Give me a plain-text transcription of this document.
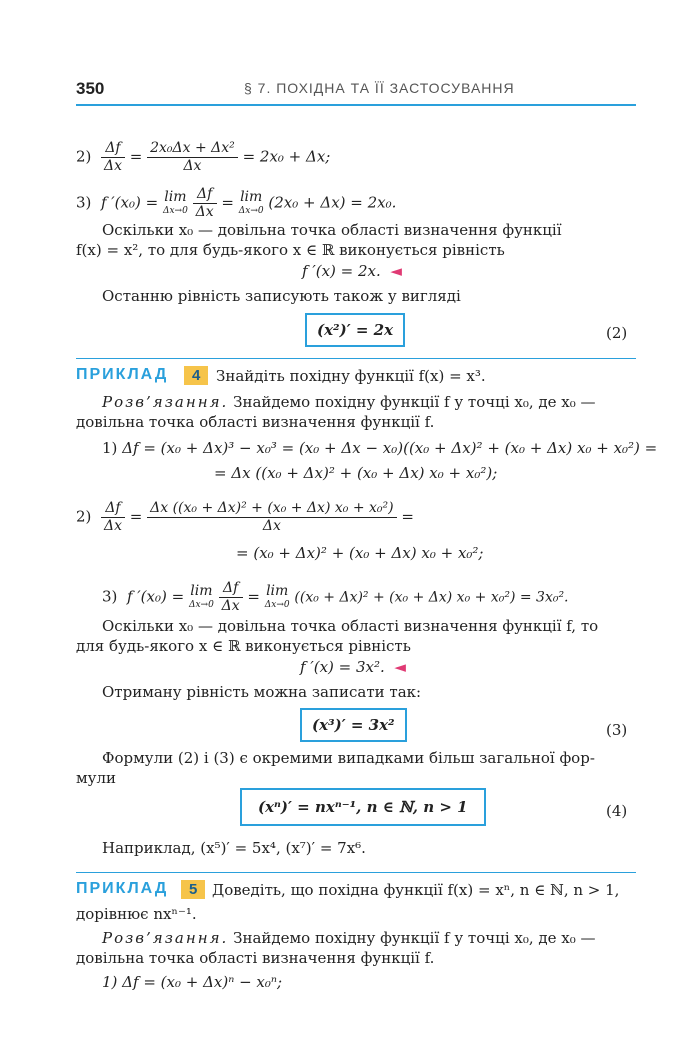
350	§ 7. ПОХІДНА ТА ЇЇ ЗАСТОСУВАННЯ
$2) \frac{\Delta f}{\Delta x} = \frac{\text{2x₀Δx + Δx²}}{\Delta x} = 2x_0 + \Delta x$;
3) f ′(x₀) = lim
Δx→0
$\frac{\Delta f}{\Delta x} = \lim$
Δx→0 (2x₀ + Δx) = 2x₀.
Оскільки x₀ — довільна точка області визначення функції
f(x) = x², то для будь-якого x ∈ ℝ виконується рівність
f ′(x) = 2x. ◄
Останню рівність записують також у вигляді
(x²)′ = 2x	(2)
ПРИКЛАД	4	Знайдіть похідну функції f(x) = x³.
Розв’язання. Знайдемо похідну функції f у точці x₀, де x₀ —
довільна точка області визначення функції f.
1) Δf = (x₀ + Δx)³ − x₀³ = (x₀ + Δx − x₀)((x₀ + Δx)² + (x₀ + Δx) x₀ + x₀²) =
= Δx ((x₀ + Δx)² + (x₀ + Δx) x₀ + x₀²);
$2) \frac{\Delta f}{\Delta x} = \frac{\text{Δx ((x₀ + Δx)² + (x₀ + Δx) x₀ + x₀²)}}{\Delta x}$ =
= (x₀ + Δx)² + (x₀ + Δx) x₀ + x₀²;
3) f ′(x₀) = lim
Δx→0
$\frac{\Delta f}{\Delta x} = \lim$
Δx→0 ((x₀ + Δx)² + (x₀ + Δx) x₀ + x₀²) = 3x₀².
Оскільки x₀ — довільна точка області визначення функції f, то
для будь-якого x ∈ ℝ виконується рівність
f ′(x) = 3x². ◄
Отриману рівність можна записати так:
(x³)′ = 3x²	(3)
Формули (2) і (3) є окремими випадками більш загальної фор-
мули
(xⁿ)′ = nxⁿ⁻¹, n ∈ ℕ, n > 1	(4)
Наприклад, (x⁵)′ = 5x⁴, (x⁷)′ = 7x⁶.
ПРИКЛАД	5 Доведіть, що похідна функції f(x) = xⁿ, n ∈ ℕ, n > 1,
дорівнює nxⁿ⁻¹.
Розв’язання. Знайдемо похідну функції f у точці x₀, де x₀ —
довільна точка області визначення функції f.
1) Δf = (x₀ + Δx)ⁿ − x₀ⁿ;
